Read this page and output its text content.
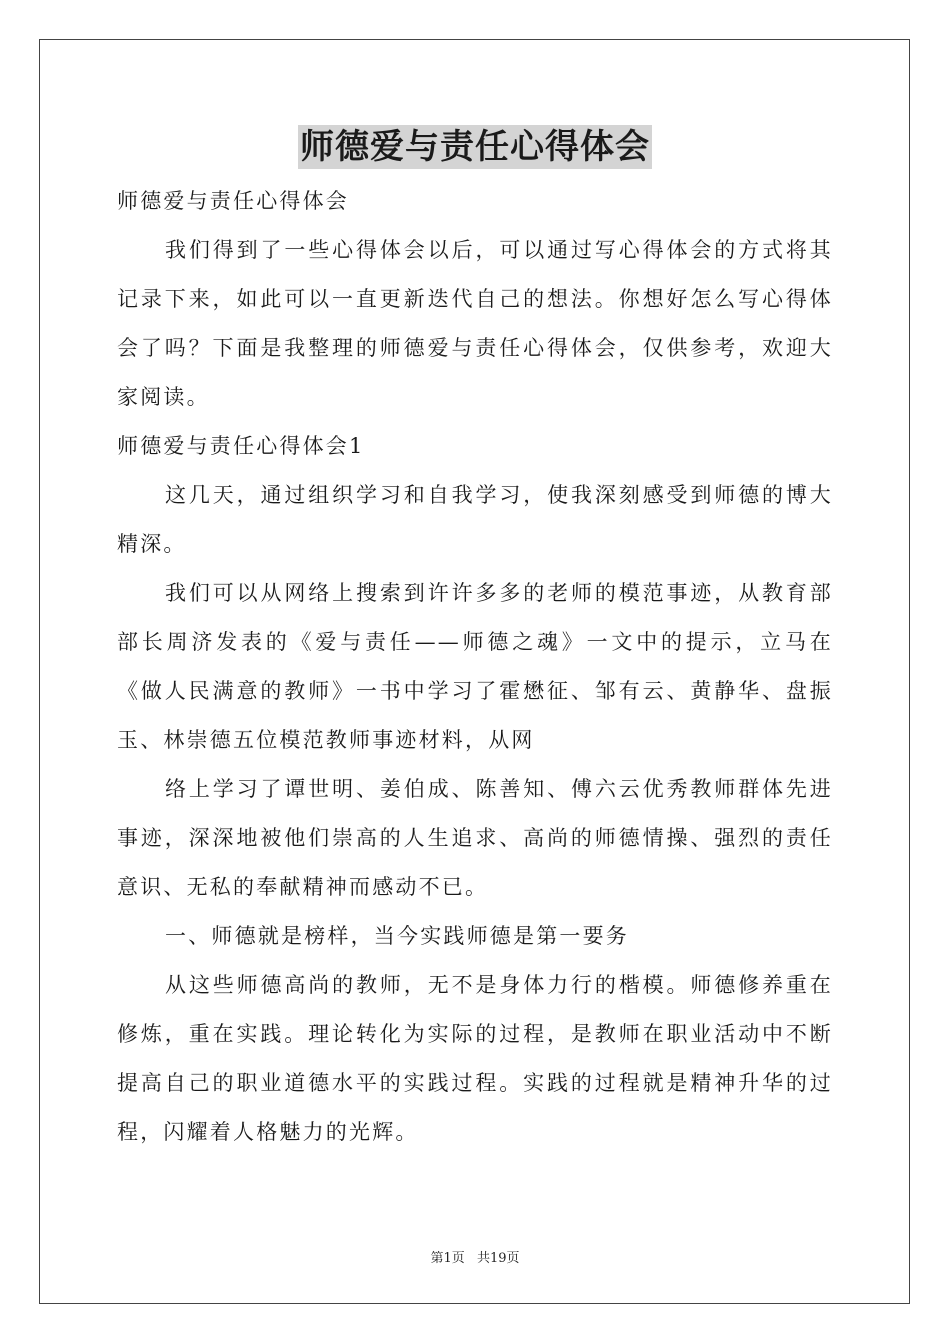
师德爱与责任心得体会

师德爱与责任心得体会

我们得到了一些心得体会以后，可以通过写心得体会的方式将其记录下来，如此可以一直更新迭代自己的想法。你想好怎么写心得体会了吗？下面是我整理的师德爱与责任心得体会，仅供参考，欢迎大家阅读。

师德爱与责任心得体会1

这几天，通过组织学习和自我学习，使我深刻感受到师德的博大精深。

我们可以从网络上搜索到许许多多的老师的模范事迹，从教育部部长周济发表的《爱与责任——师德之魂》一文中的提示，立马在《做人民满意的教师》一书中学习了霍懋征、邹有云、黄静华、盘振玉、林崇德五位模范教师事迹材料，从网

络上学习了谭世明、姜伯成、陈善知、傅六云优秀教师群体先进事迹，深深地被他们崇高的人生追求、高尚的师德情操、强烈的责任意识、无私的奉献精神而感动不已。

一、师德就是榜样，当今实践师德是第一要务

从这些师德高尚的教师，无不是身体力行的楷模。师德修养重在修炼，重在实践。理论转化为实际的过程，是教师在职业活动中不断提高自己的职业道德水平的实践过程。实践的过程就是精神升华的过程，闪耀着人格魅力的光辉。

第1页 共19页
